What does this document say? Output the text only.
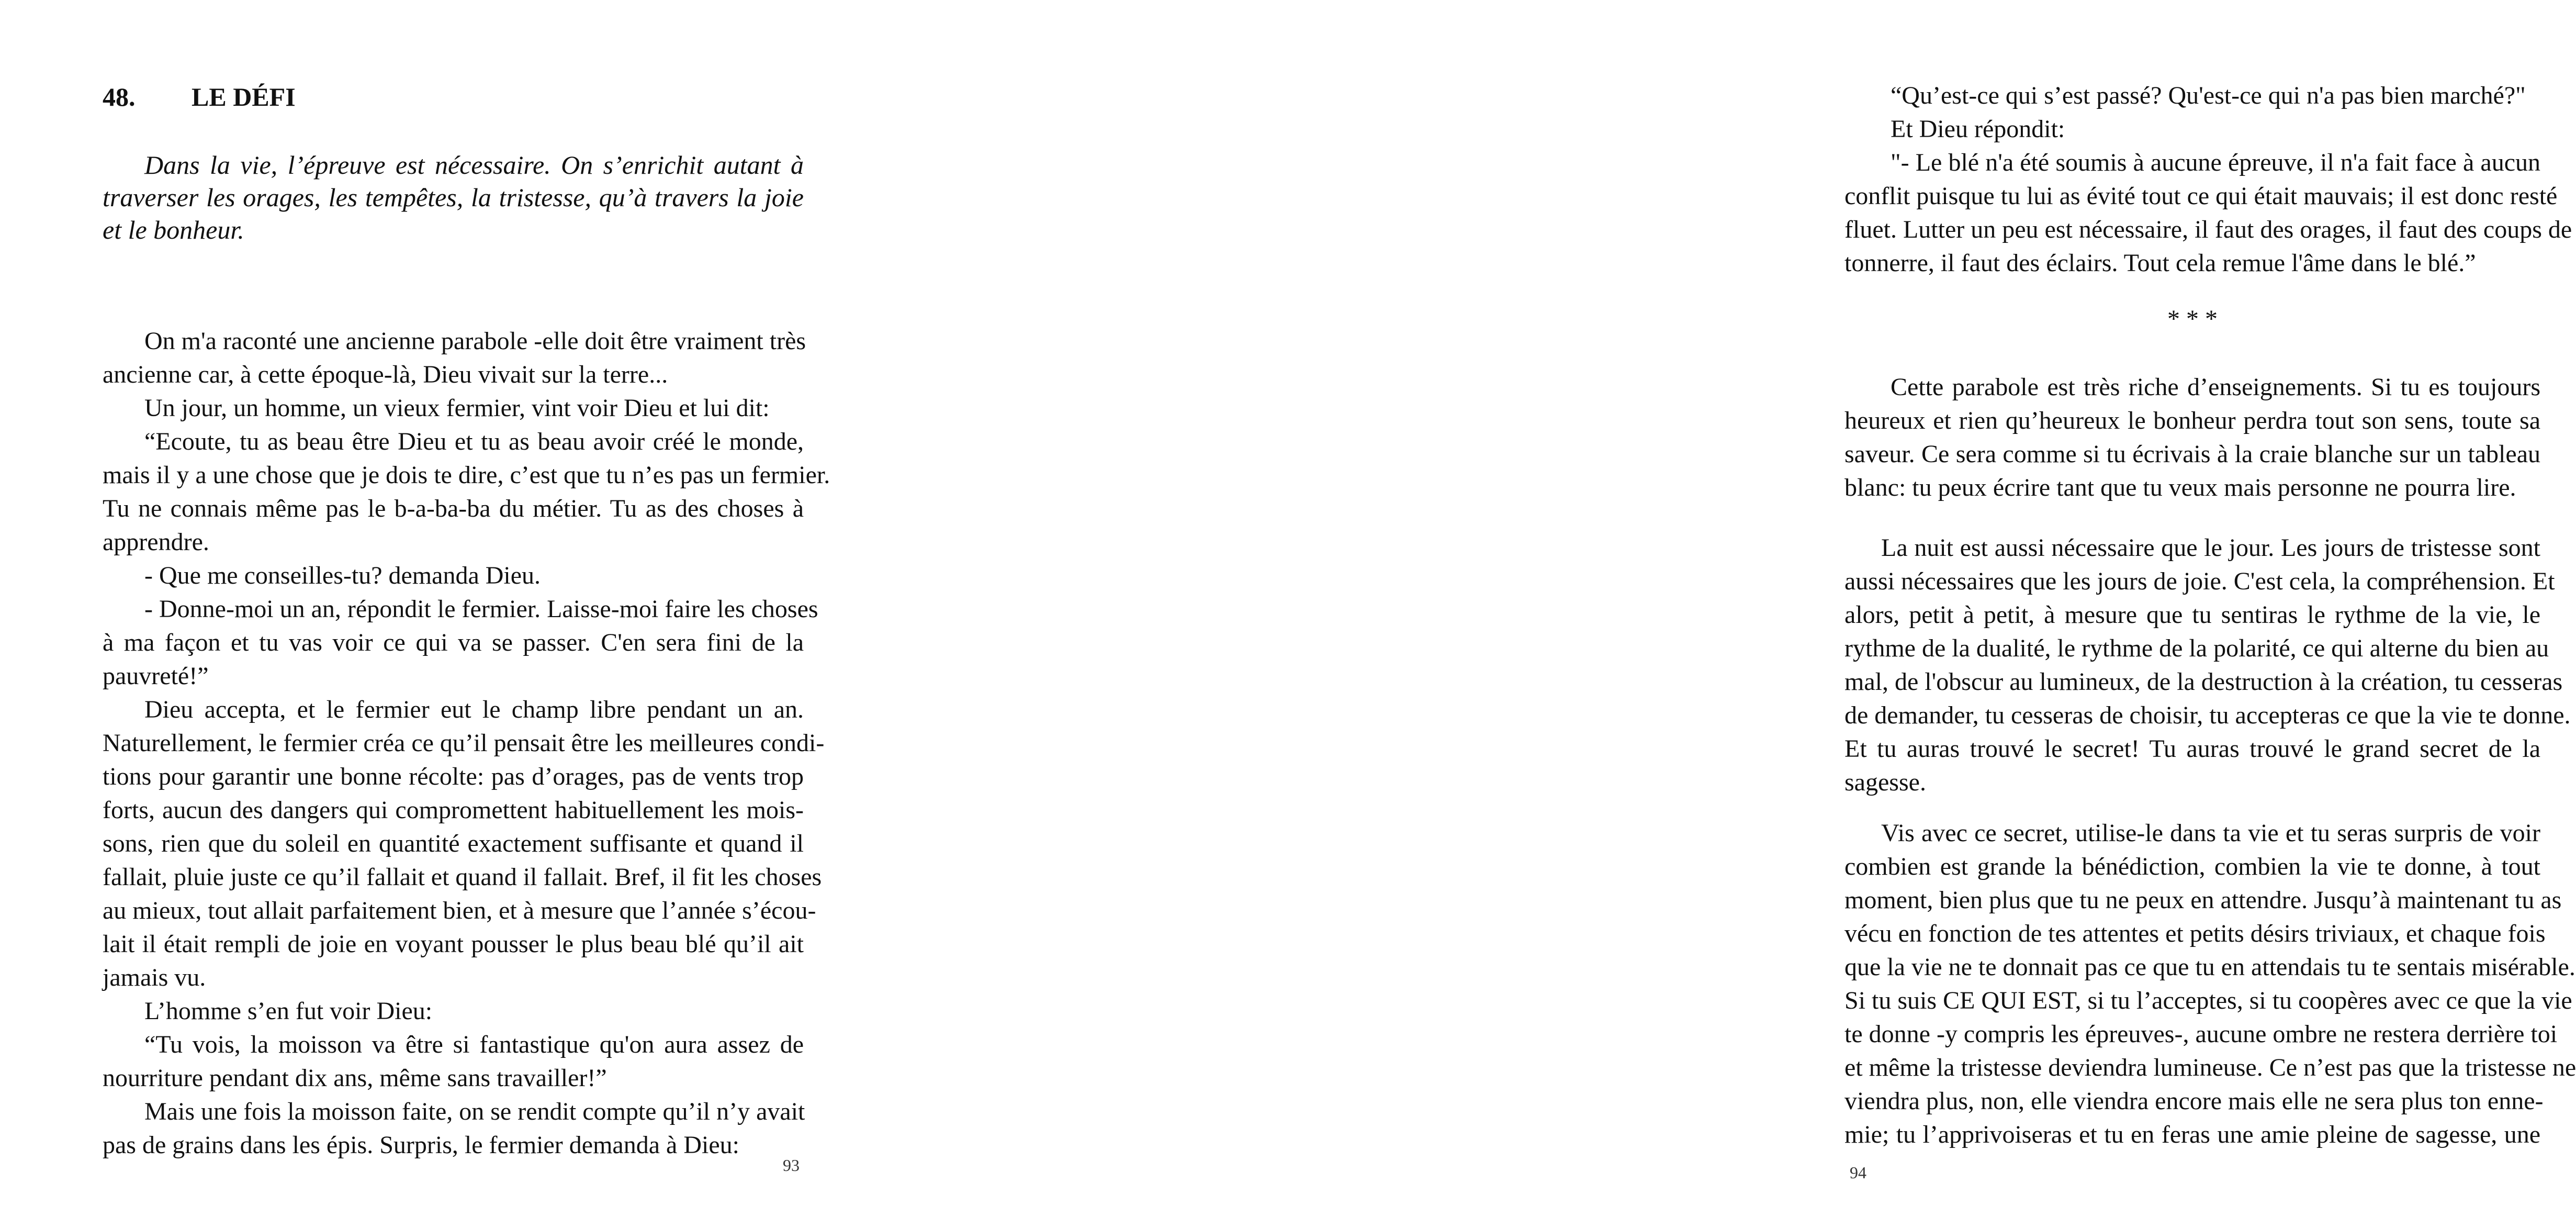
48. LE DÉFI
Dans la vie, l’épreuve est nécessaire. On s’enrichit autant à
traverser les orages, les tempêtes, la tristesse, qu’à travers la joie
et le bonheur.
On m'a raconté une ancienne parabole -elle doit être vraiment très
ancienne car, à cette époque-là, Dieu vivait sur la terre...
Un jour, un homme, un vieux fermier, vint voir Dieu et lui dit:
“Ecoute, tu as beau être Dieu et tu as beau avoir créé le monde,
mais il y a une chose que je dois te dire, c’est que tu n’es pas un fermier.
Tu ne connais même pas le b-a-ba-ba du métier. Tu as des choses à
apprendre.
- Que me conseilles-tu? demanda Dieu.
- Donne-moi un an, répondit le fermier. Laisse-moi faire les choses
à ma façon et tu vas voir ce qui va se passer. C'en sera fini de la
pauvreté!”
Dieu accepta, et le fermier eut le champ libre pendant un an.
Naturellement, le fermier créa ce qu’il pensait être les meilleures condi-
tions pour garantir une bonne récolte: pas d’orages, pas de vents trop
forts, aucun des dangers qui compromettent habituellement les mois-
sons, rien que du soleil en quantité exactement suffisante et quand il
fallait, pluie juste ce qu’il fallait et quand il fallait. Bref, il fit les choses
au mieux, tout allait parfaitement bien, et à mesure que l’année s’écou-
lait il était rempli de joie en voyant pousser le plus beau blé qu’il ait
jamais vu.
L’homme s’en fut voir Dieu:
“Tu vois, la moisson va être si fantastique qu'on aura assez de
nourriture pendant dix ans, même sans travailler!”
Mais une fois la moisson faite, on se rendit compte qu’il n’y avait
pas de grains dans les épis. Surpris, le fermier demanda à Dieu:
93
“Qu’est-ce qui s’est passé? Qu'est-ce qui n'a pas bien marché?"
Et Dieu répondit:
"- Le blé n'a été soumis à aucune épreuve, il n'a fait face à aucun
conflit puisque tu lui as évité tout ce qui était mauvais; il est donc resté
fluet. Lutter un peu est nécessaire, il faut des orages, il faut des coups de
tonnerre, il faut des éclairs. Tout cela remue l'âme dans le blé.”
* * *
Cette parabole est très riche d’enseignements. Si tu es toujours
heureux et rien qu’heureux le bonheur perdra tout son sens, toute sa
saveur. Ce sera comme si tu écrivais à la craie blanche sur un tableau
blanc: tu peux écrire tant que tu veux mais personne ne pourra lire.
La nuit est aussi nécessaire que le jour. Les jours de tristesse sont
aussi nécessaires que les jours de joie. C'est cela, la compréhension. Et
alors, petit à petit, à mesure que tu sentiras le rythme de la vie, le
rythme de la dualité, le rythme de la polarité, ce qui alterne du bien au
mal, de l'obscur au lumineux, de la destruction à la création, tu cesseras
de demander, tu cesseras de choisir, tu accepteras ce que la vie te donne.
Et tu auras trouvé le secret! Tu auras trouvé le grand secret de la
sagesse.
Vis avec ce secret, utilise-le dans ta vie et tu seras surpris de voir
combien est grande la bénédiction, combien la vie te donne, à tout
moment, bien plus que tu ne peux en attendre. Jusqu’à maintenant tu as
vécu en fonction de tes attentes et petits désirs triviaux, et chaque fois
que la vie ne te donnait pas ce que tu en attendais tu te sentais misérable.
Si tu suis CE QUI EST, si tu l’acceptes, si tu coopères avec ce que la vie
te donne -y compris les épreuves-, aucune ombre ne restera derrière toi
et même la tristesse deviendra lumineuse. Ce n’est pas que la tristesse ne
viendra plus, non, elle viendra encore mais elle ne sera plus ton enne-
mie; tu l’apprivoiseras et tu en feras une amie pleine de sagesse, une
94
